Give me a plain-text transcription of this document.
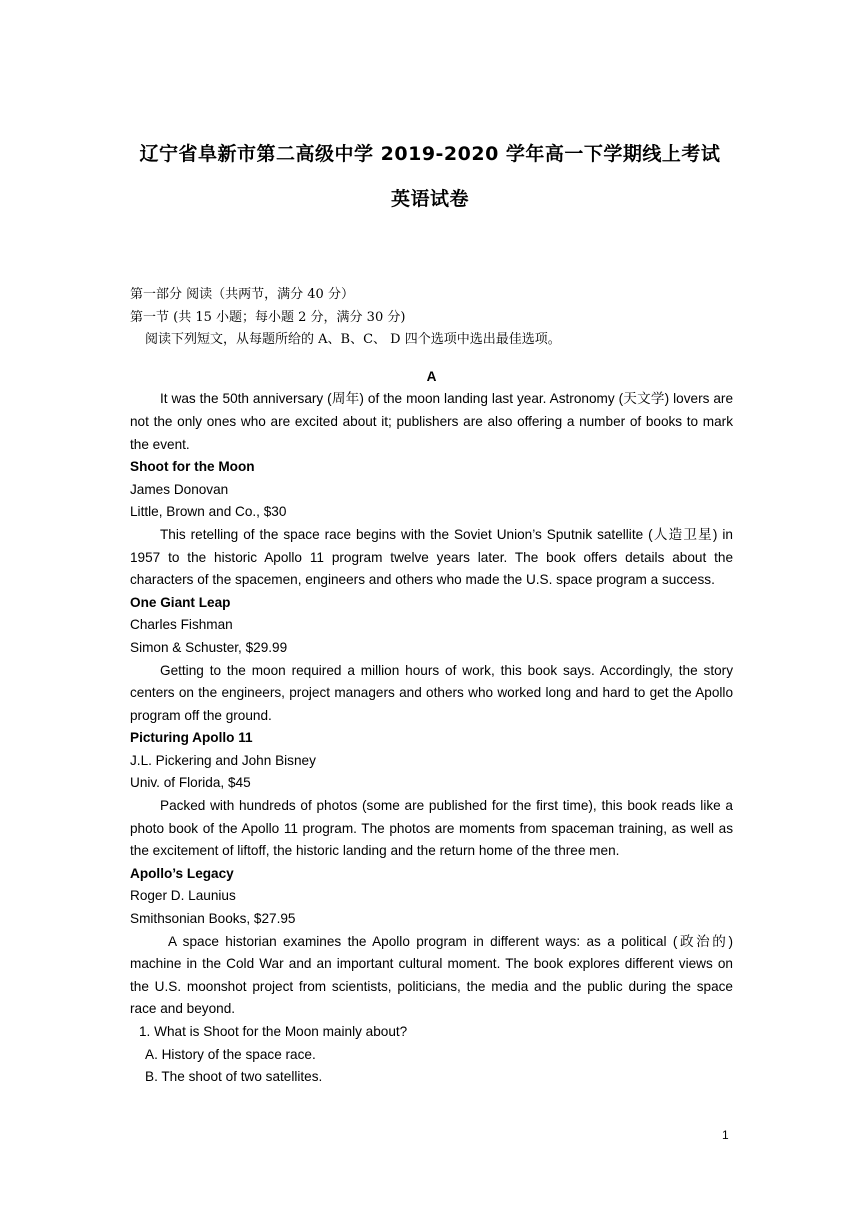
辽宁省阜新市第二高级中学 2019-2020 学年高一下学期线上考试
英语试卷
第一部分 阅读（共两节，满分 40 分）
第一节 (共 15 小题；每小题 2 分，满分 30 分)
阅读下列短文，从每题所给的 A、B、C、 D 四个选项中选出最佳选项。
A
It was the 50th anniversary (周年) of the moon landing last year. Astronomy (天文学) lovers are not the only ones who are excited about it; publishers are also offering a number of books to mark the event.
Shoot for the Moon
James Donovan
Little, Brown and Co., $30
This retelling of the space race begins with the Soviet Union’s Sputnik satellite (人造卫星) in 1957 to the historic Apollo 11 program twelve years later. The book offers details about the characters of the spacemen, engineers and others who made the U.S. space program a success.
One Giant Leap
Charles Fishman
Simon & Schuster, $29.99
Getting to the moon required a million hours of work, this book says. Accordingly, the story centers on the engineers, project managers and others who worked long and hard to get the Apollo program off the ground.
Picturing Apollo 11
J.L. Pickering and John Bisney
Univ. of Florida, $45
Packed with hundreds of photos (some are published for the first time), this book reads like a photo book of the Apollo 11 program. The photos are moments from spaceman training, as well as the excitement of liftoff, the historic landing and the return home of the three men.
Apollo’s Legacy
Roger D. Launius
Smithsonian Books, $27.95
A space historian examines the Apollo program in different ways: as a political (政治的) machine in the Cold War and an important cultural moment. The book explores different views on the U.S. moonshot project from scientists, politicians, the media and the public during the space race and beyond.
1. What is Shoot for the Moon mainly about?
A. History of the space race.
B. The shoot of two satellites.
1
